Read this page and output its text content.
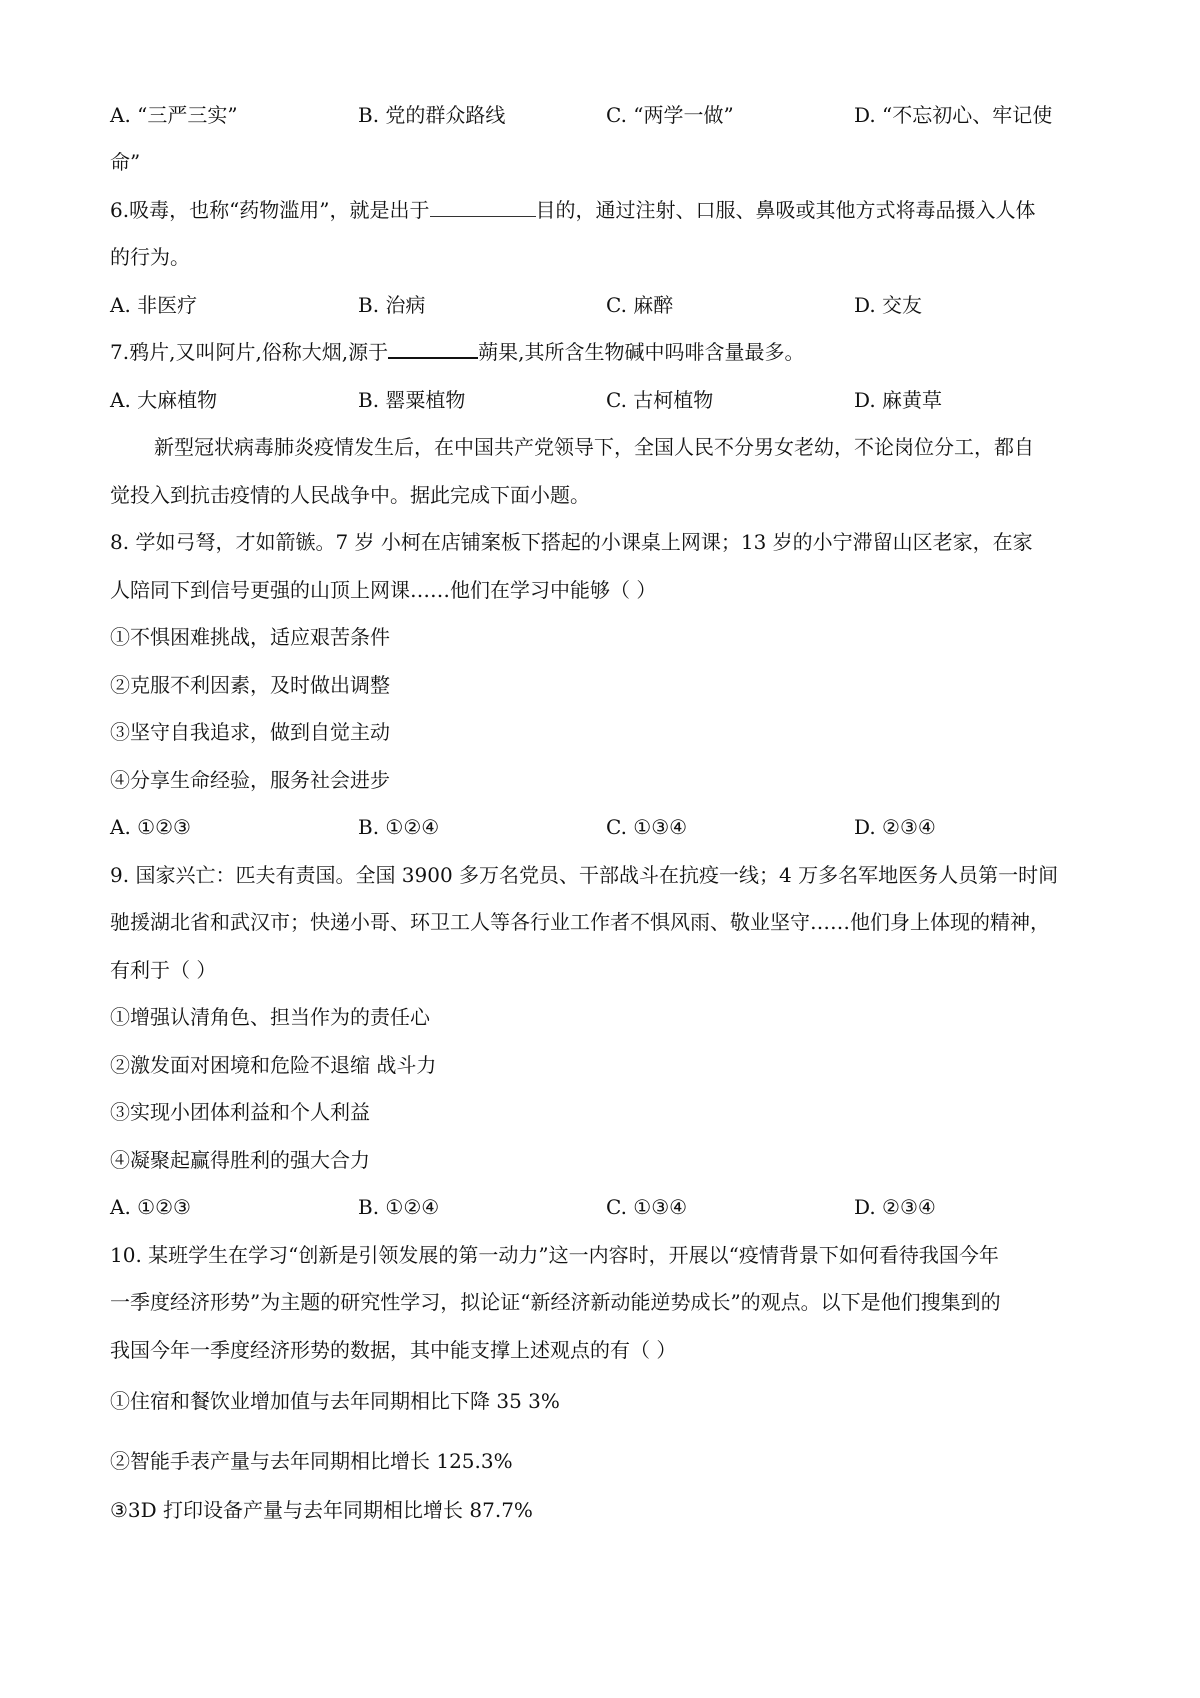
A. “三严三实”	B. 党的群众路线	C. “两学一做”	D. “不忘初心、牢记使
命”
6.吸毒，也称“药物滥用”，就是出于	目的，通过注射、口服、鼻吸或其他方式将毒品摄入人体
的行为。
A. 非医疗	B. 治病	C. 麻醉	D. 交友
7.鸦片,又叫阿片,俗称大烟,源于	蒴果,其所含生物碱中吗啡含量最多。
A. 大麻植物	B. 罂粟植物	C. 古柯植物	D. 麻黄草
新型冠状病毒肺炎疫情发生后，在中国共产党领导下，全国人民不分男女老幼，不论岗位分工，都自
觉投入到抗击疫情的人民战争中。据此完成下面小题。
8. 学如弓弩，才如箭镞。7 岁 小柯在店铺案板下搭起的小课桌上网课；13 岁的小宁滞留山区老家，在家
人陪同下到信号更强的山顶上网课……他们在学习中能够（ ）
①不惧困难挑战，适应艰苦条件
②克服不利因素，及时做出调整
③坚守自我追求，做到自觉主动
④分享生命经验，服务社会进步
A. ①②③	B. ①②④	C. ①③④	D. ②③④
9. 国家兴亡：匹夫有责国。全国 3900 多万名党员、干部战斗在抗疫一线；4 万多名军地医务人员第一时间
驰援湖北省和武汉市；快递小哥、环卫工人等各行业工作者不惧风雨、敬业坚守……他们身上体现的精神，
有利于（ ）
①增强认清角色、担当作为的责任心
②激发面对困境和危险不退缩 战斗力
③实现小团体利益和个人利益
④凝聚起赢得胜利的强大合力
A. ①②③	B. ①②④	C. ①③④	D. ②③④
10. 某班学生在学习“创新是引领发展的第一动力”这一内容时，开展以“疫情背景下如何看待我国今年
一季度经济形势”为主题的研究性学习，拟论证“新经济新动能逆势成长”的观点。以下是他们搜集到的
我国今年一季度经济形势的数据，其中能支撑上述观点的有（ ）
①住宿和餐饮业增加值与去年同期相比下降 35 3%
②智能手表产量与去年同期相比增长 125.3%
③3D 打印设备产量与去年同期相比增长 87.7%
